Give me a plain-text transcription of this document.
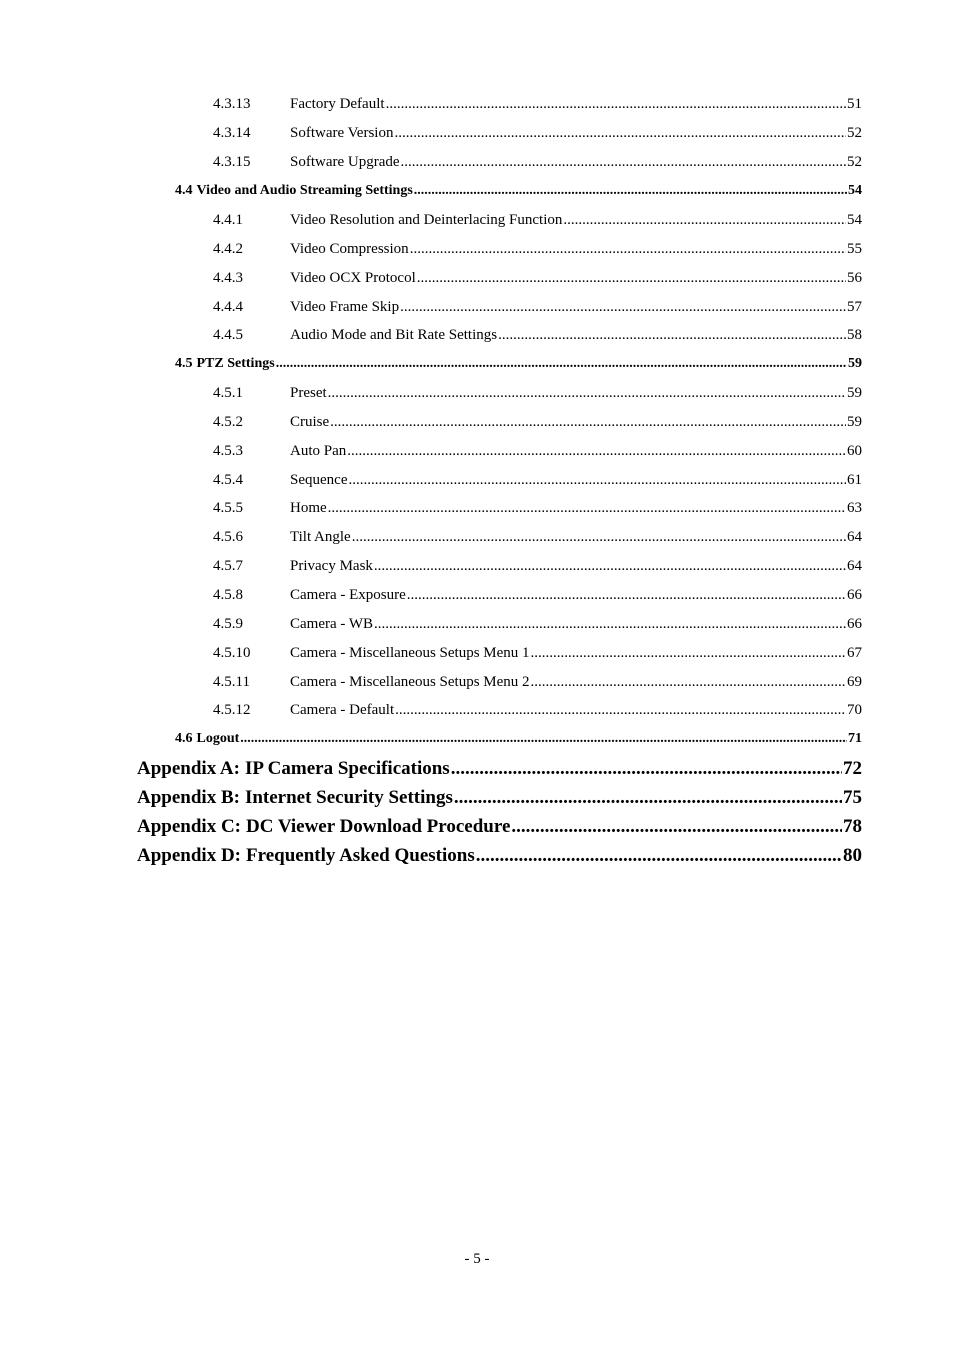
4.3.13	Factory Default .....	51
4.3.14	Software Version .....	52
4.3.15	Software Upgrade .....	52
4.4 Video and Audio Streaming Settings .....	54
4.4.1	Video Resolution and Deinterlacing Function .....	54
4.4.2	Video Compression .....	55
4.4.3	Video OCX Protocol .....	56
4.4.4	Video Frame Skip .....	57
4.4.5	Audio Mode and Bit Rate Settings .....	58
4.5 PTZ Settings .....	59
4.5.1	Preset .....	59
4.5.2	Cruise .....	59
4.5.3	Auto Pan .....	60
4.5.4	Sequence .....	61
4.5.5	Home .....	63
4.5.6	Tilt Angle .....	64
4.5.7	Privacy Mask .....	64
4.5.8	Camera - Exposure .....	66
4.5.9	Camera - WB .....	66
4.5.10	Camera - Miscellaneous Setups Menu 1 .....	67
4.5.11	Camera - Miscellaneous Setups Menu 2 .....	69
4.5.12	Camera - Default .....	70
4.6 Logout .....	71
Appendix A: IP Camera Specifications .....	72
Appendix B: Internet Security Settings .....	75
Appendix C: DC Viewer Download Procedure .....	78
Appendix D: Frequently Asked Questions .....	80
- 5 -
